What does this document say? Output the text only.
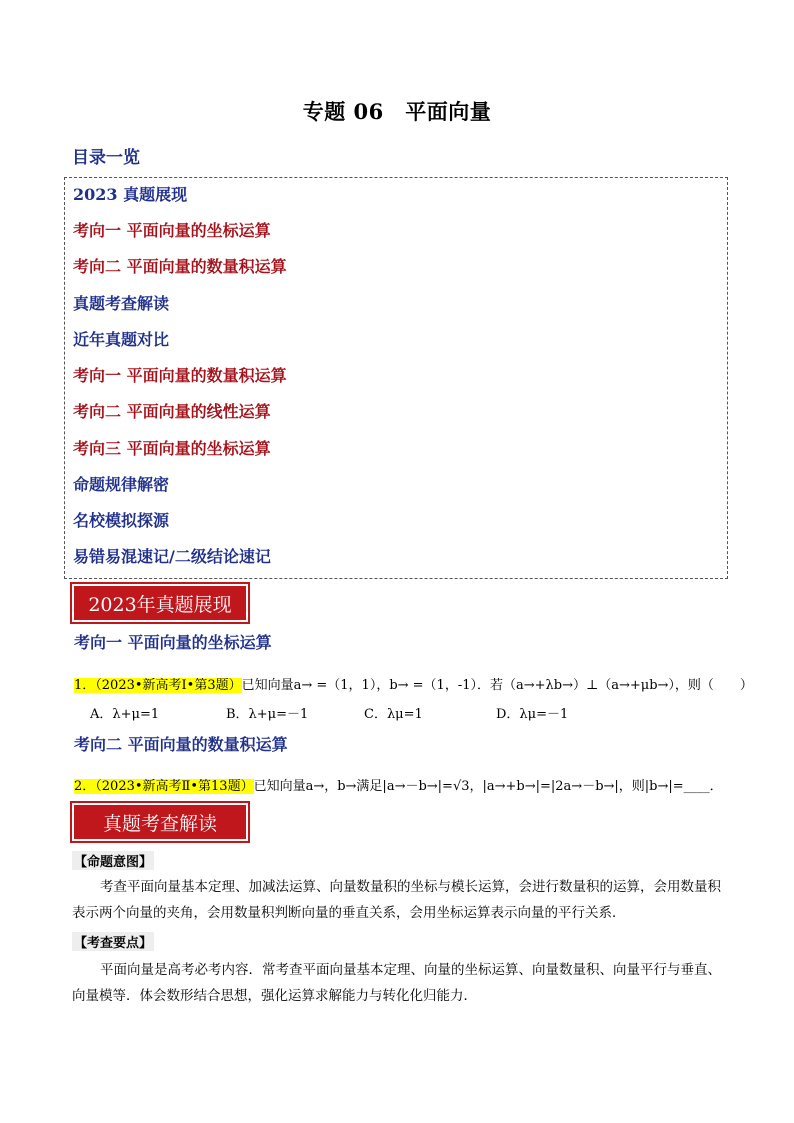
专题 06　平面向量
目录一览
2023 真题展现
考向一 平面向量的坐标运算
考向二 平面向量的数量积运算
真题考查解读
近年真题对比
考向一 平面向量的数量积运算
考向二 平面向量的线性运算
考向三 平面向量的坐标运算
命题规律解密
名校模拟探源
易错易混速记/二级结论速记
2023年真题展现
考向一 平面向量的坐标运算
1．（2023•新高考Ⅰ•第3题）已知向量a→ =（1，1），b→ =（1，-1）．若（a→+λb→）⊥（a→+μb→），则（　　）
A．λ+μ=1	B．λ+μ=－1	C．λμ=1	D．λμ=－1
考向二 平面向量的数量积运算
2．（2023•新高考Ⅱ•第13题）已知向量a→，b→满足|a→－b→|=√3，|a→+b→|=|2a→－b→|，则|b→|=____．
真题考查解读
【命题意图】
考查平面向量基本定理、加减法运算、向量数量积的坐标与模长运算，会进行数量积的运算，会用数量积表示两个向量的夹角，会用数量积判断向量的垂直关系，会用坐标运算表示向量的平行关系．
【考查要点】
平面向量是高考必考内容．常考查平面向量基本定理、向量的坐标运算、向量数量积、向量平行与垂直、向量模等．体会数形结合思想，强化运算求解能力与转化化归能力．
